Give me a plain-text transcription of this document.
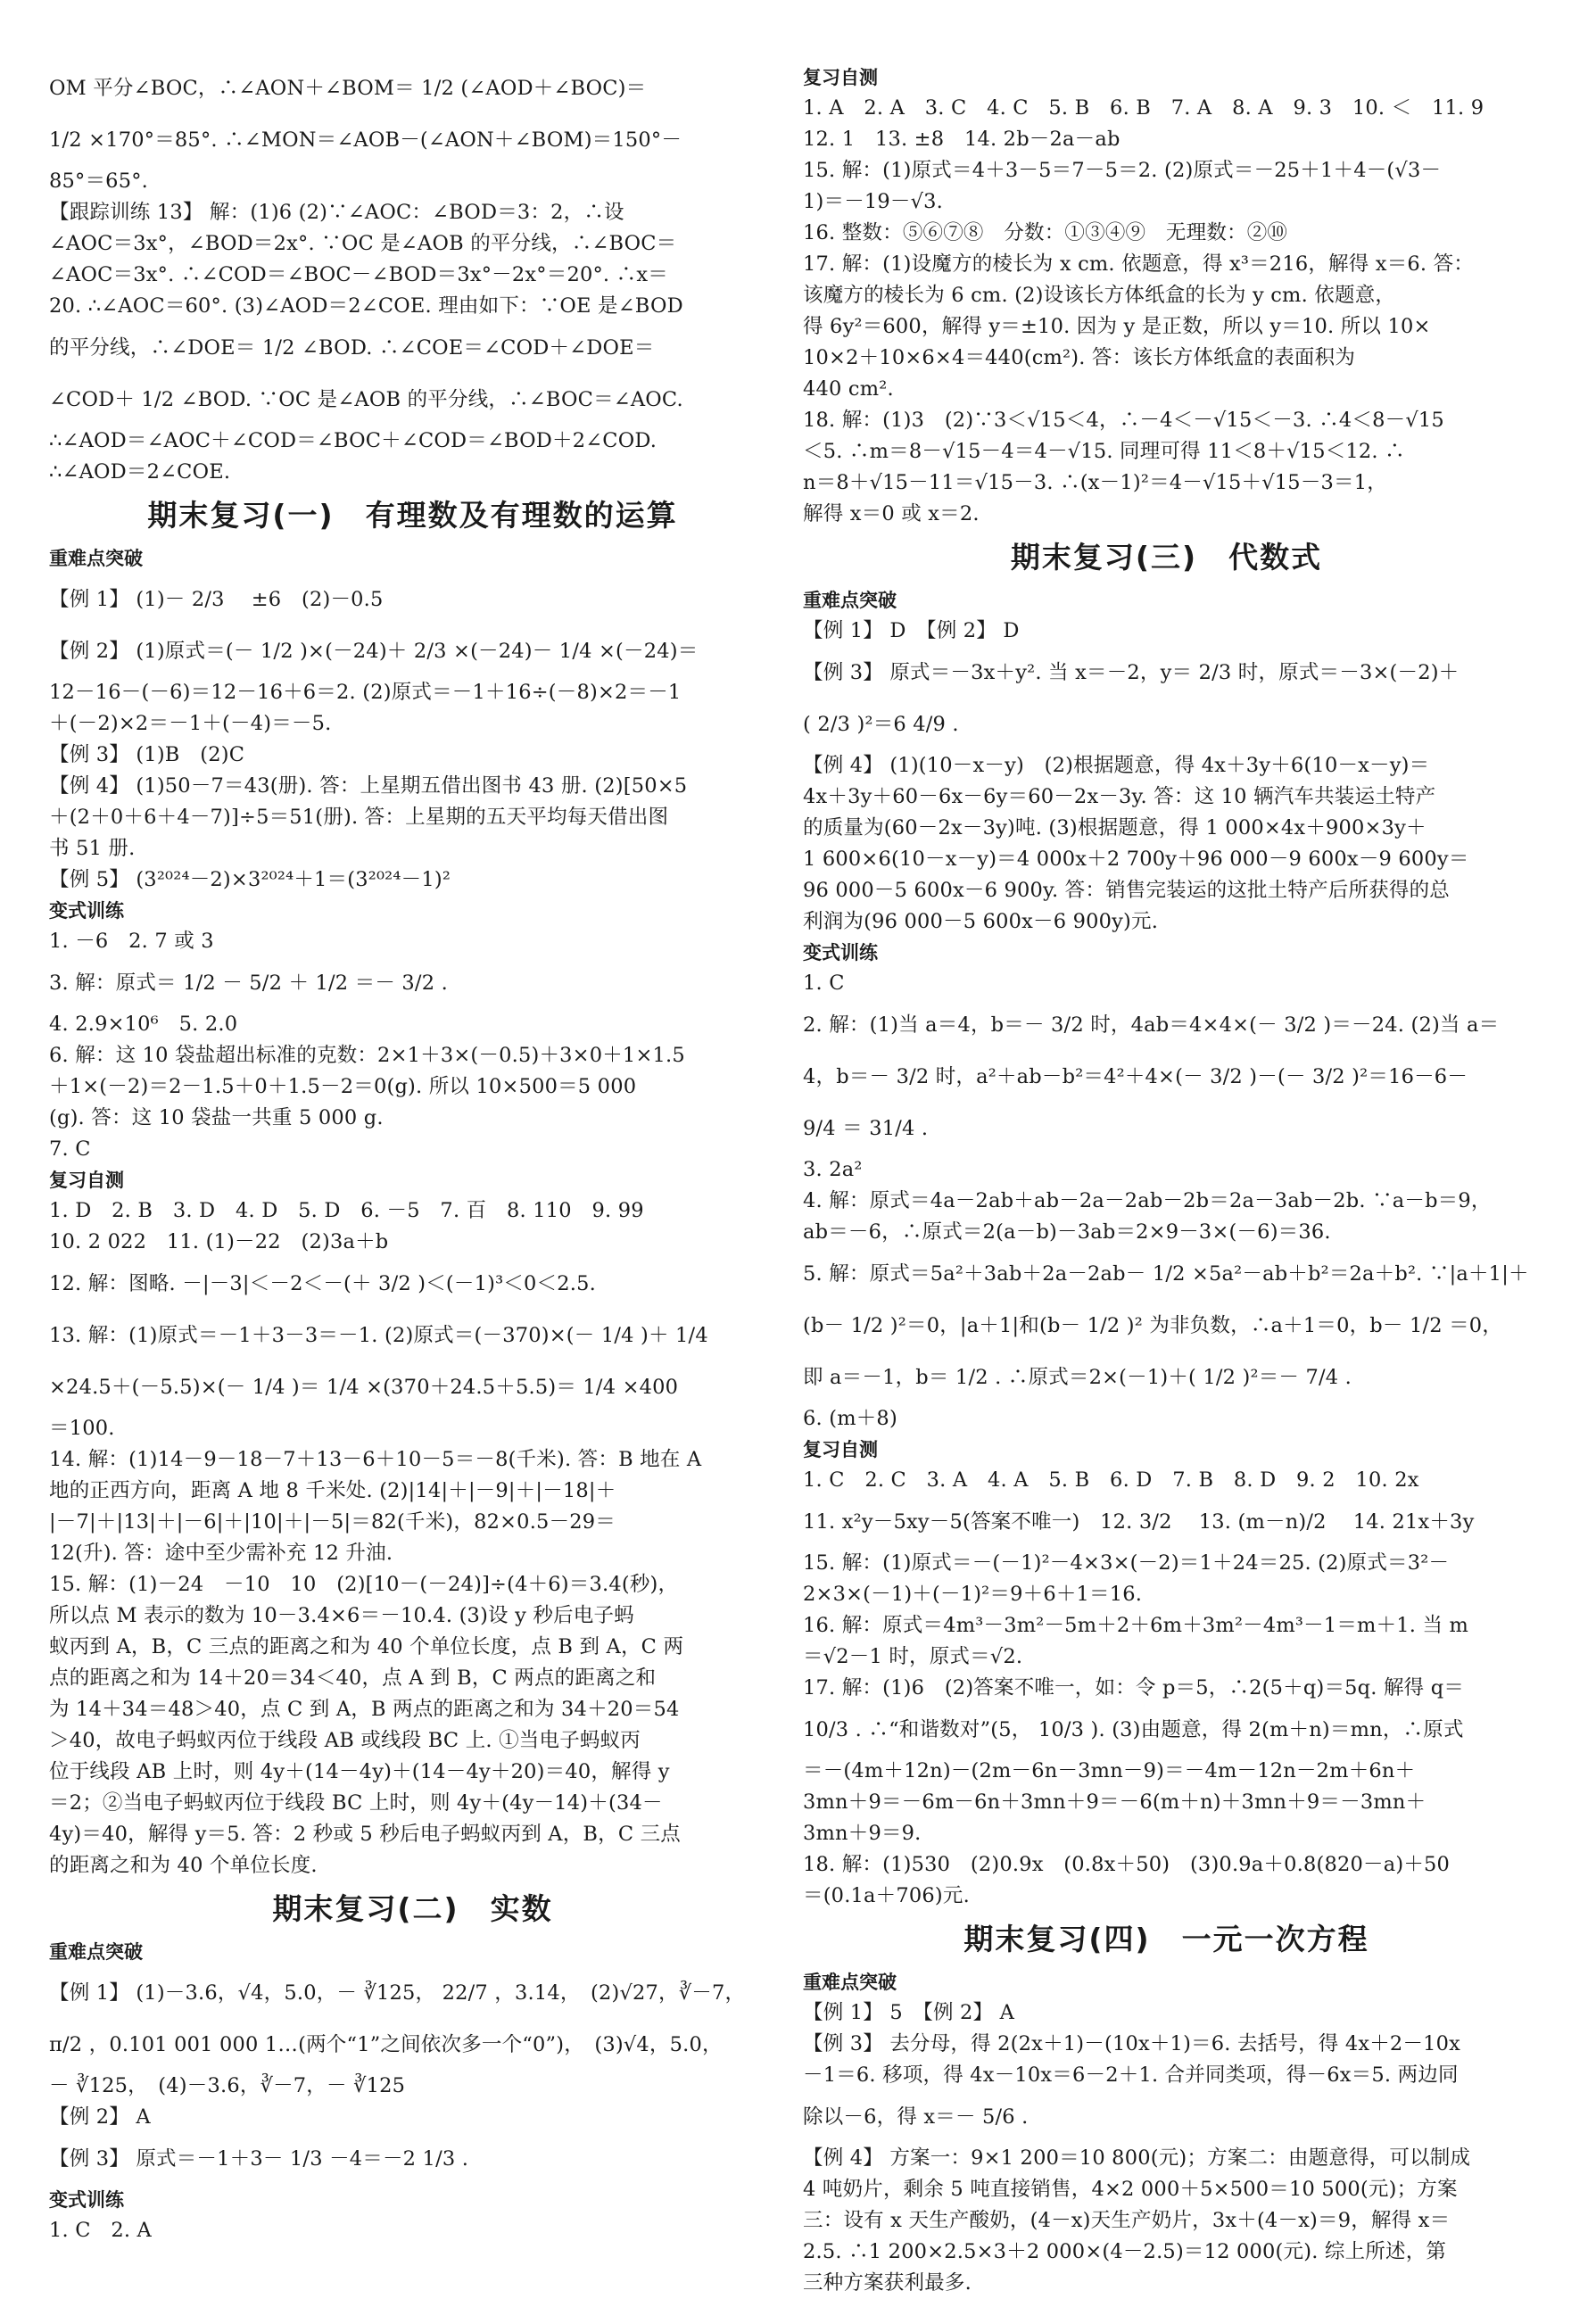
OM 平分∠BOC，∴∠AON＋∠BOM＝ 1/2 (∠AOD＋∠BOC)＝
1/2 ×170°＝85°. ∴∠MON＝∠AOB－(∠AON＋∠BOM)＝150°－
85°＝65°.
【跟踪训练 13】 解：(1)6 (2)∵∠AOC：∠BOD＝3：2，∴设
∠AOC＝3x°，∠BOD＝2x°. ∵OC 是∠AOB 的平分线，∴∠BOC＝
∠AOC＝3x°. ∴∠COD＝∠BOC－∠BOD＝3x°－2x°＝20°. ∴x＝
20. ∴∠AOC＝60°. (3)∠AOD＝2∠COE. 理由如下：∵OE 是∠BOD
的平分线，∴∠DOE＝ 1/2 ∠BOD. ∴∠COE＝∠COD＋∠DOE＝
∠COD＋ 1/2 ∠BOD. ∵OC 是∠AOB 的平分线，∴∠BOC＝∠AOC.
∴∠AOD＝∠AOC＋∠COD＝∠BOC＋∠COD＝∠BOD＋2∠COD.
∴∠AOD＝2∠COE.
期末复习(一)　有理数及有理数的运算
重难点突破
【例 1】 (1)－ 2/3 　±6　(2)－0.5
【例 2】 (1)原式＝(－ 1/2 )×(－24)＋ 2/3 ×(－24)－ 1/4 ×(－24)＝
12－16－(－6)＝12－16＋6＝2. (2)原式＝－1＋16÷(－8)×2＝－1
＋(－2)×2＝－1＋(－4)＝－5.
【例 3】 (1)B　(2)C
【例 4】 (1)50－7＝43(册). 答：上星期五借出图书 43 册. (2)[50×5
＋(2＋0＋6＋4－7)]÷5＝51(册). 答：上星期的五天平均每天借出图
书 51 册.
【例 5】 (3²⁰²⁴－2)×3²⁰²⁴＋1＝(3²⁰²⁴－1)²
变式训练
1. －6　2. 7 或 3
3. 解：原式＝ 1/2 － 5/2 ＋ 1/2 ＝－ 3/2 .
4. 2.9×10⁶　5. 2.0
6. 解：这 10 袋盐超出标准的克数：2×1＋3×(－0.5)＋3×0＋1×1.5
＋1×(－2)＝2－1.5＋0＋1.5－2＝0(g). 所以 10×500＝5 000
(g). 答：这 10 袋盐一共重 5 000 g.
7. C
复习自测
1. D　2. B　3. D　4. D　5. D　6. －5　7. 百　8. 110　9. 99
10. 2 022　11. (1)－22　(2)3a＋b
12. 解：图略. －|－3|＜－2＜－(＋ 3/2 )＜(－1)³＜0＜2.5.
13. 解：(1)原式＝－1＋3－3＝－1. (2)原式＝(－370)×(－ 1/4 )＋ 1/4
×24.5＋(－5.5)×(－ 1/4 )＝ 1/4 ×(370＋24.5＋5.5)＝ 1/4 ×400
＝100.
14. 解：(1)14－9－18－7＋13－6＋10－5＝－8(千米). 答：B 地在 A
地的正西方向，距离 A 地 8 千米处. (2)|14|＋|－9|＋|－18|＋
|－7|＋|13|＋|－6|＋|10|＋|－5|＝82(千米)，82×0.5－29＝
12(升). 答：途中至少需补充 12 升油.
15. 解：(1)－24　－10　10　(2)[10－(－24)]÷(4＋6)＝3.4(秒)，
所以点 M 表示的数为 10－3.4×6＝－10.4. (3)设 y 秒后电子蚂
蚁丙到 A，B，C 三点的距离之和为 40 个单位长度，点 B 到 A，C 两
点的距离之和为 14＋20＝34＜40，点 A 到 B，C 两点的距离之和
为 14＋34＝48＞40，点 C 到 A，B 两点的距离之和为 34＋20＝54
＞40，故电子蚂蚁丙位于线段 AB 或线段 BC 上. ①当电子蚂蚁丙
位于线段 AB 上时，则 4y＋(14－4y)＋(14－4y＋20)＝40，解得 y
＝2；②当电子蚂蚁丙位于线段 BC 上时，则 4y＋(4y－14)＋(34－
4y)＝40，解得 y＝5. 答：2 秒或 5 秒后电子蚂蚁丙到 A，B，C 三点
的距离之和为 40 个单位长度.
期末复习(二)　实数
重难点突破
【例 1】 (1)－3.6，√4，5.0，－ ∛125， 22/7 ，3.14，　(2)√27，∛－7，
π/2 ，0.101 001 000 1…(两个“1”之间依次多一个“0”)，　(3)√4，5.0，
－ ∛125，　(4)－3.6，∛－7，－ ∛125
【例 2】 A
【例 3】 原式＝－1＋3－ 1/3 －4＝－2 1/3 .
变式训练
1. C　2. A
复习自测
1. A　2. A　3. C　4. C　5. B　6. B　7. A　8. A　9. 3　10. ＜　11. 9
12. 1　13. ±8　14. 2b－2a－ab
15. 解：(1)原式＝4＋3－5＝7－5＝2. (2)原式＝－25＋1＋4－(√3－
1)＝－19－√3.
16. 整数：⑤⑥⑦⑧　分数：①③④⑨　无理数：②⑩
17. 解：(1)设魔方的棱长为 x cm. 依题意，得 x³＝216，解得 x＝6. 答：
该魔方的棱长为 6 cm. (2)设该长方体纸盒的长为 y cm. 依题意，
得 6y²＝600，解得 y＝±10. 因为 y 是正数，所以 y＝10. 所以 10×
10×2＋10×6×4＝440(cm²). 答：该长方体纸盒的表面积为
440 cm².
18. 解：(1)3　(2)∵3＜√15＜4，∴－4＜－√15＜－3. ∴4＜8－√15
＜5. ∴m＝8－√15－4＝4－√15. 同理可得 11＜8＋√15＜12. ∴
n＝8＋√15－11＝√15－3. ∴(x－1)²＝4－√15＋√15－3＝1，
解得 x＝0 或 x＝2.
期末复习(三)　代数式
重难点突破
【例 1】 D　【例 2】 D
【例 3】 原式＝－3x＋y². 当 x＝－2，y＝ 2/3 时，原式＝－3×(－2)＋
( 2/3 )²＝6 4/9 .
【例 4】 (1)(10－x－y)　(2)根据题意，得 4x＋3y＋6(10－x－y)＝
4x＋3y＋60－6x－6y＝60－2x－3y. 答：这 10 辆汽车共装运土特产
的质量为(60－2x－3y)吨. (3)根据题意，得 1 000×4x＋900×3y＋
1 600×6(10－x－y)＝4 000x＋2 700y＋96 000－9 600x－9 600y＝
96 000－5 600x－6 900y. 答：销售完装运的这批土特产后所获得的总
利润为(96 000－5 600x－6 900y)元.
变式训练
1. C
2. 解：(1)当 a＝4，b＝－ 3/2 时，4ab＝4×4×(－ 3/2 )＝－24. (2)当 a＝
4，b＝－ 3/2 时，a²＋ab－b²＝4²＋4×(－ 3/2 )－(－ 3/2 )²＝16－6－
9/4 ＝ 31/4 .
3. 2a²
4. 解：原式＝4a－2ab＋ab－2a－2ab－2b＝2a－3ab－2b. ∵a－b＝9，
ab＝－6，∴原式＝2(a－b)－3ab＝2×9－3×(－6)＝36.
5. 解：原式＝5a²＋3ab＋2a－2ab－ 1/2 ×5a²－ab＋b²＝2a＋b². ∵|a＋1|＋
(b－ 1/2 )²＝0，|a＋1|和(b－ 1/2 )² 为非负数，∴a＋1＝0，b－ 1/2 ＝0，
即 a＝－1，b＝ 1/2 . ∴原式＝2×(－1)＋( 1/2 )²＝－ 7/4 .
6. (m＋8)
复习自测
1. C　2. C　3. A　4. A　5. B　6. D　7. B　8. D　9. 2　10. 2x
11. x²y－5xy－5(答案不唯一)　12. 3/2 　13. (m－n)/2 　14. 21x＋3y
15. 解：(1)原式＝－(－1)²－4×3×(－2)＝1＋24＝25. (2)原式＝3²－
2×3×(－1)＋(－1)²＝9＋6＋1＝16.
16. 解：原式＝4m³－3m²－5m＋2＋6m＋3m²－4m³－1＝m＋1. 当 m
＝√2－1 时，原式＝√2.
17. 解：(1)6　(2)答案不唯一，如：令 p＝5，∴2(5＋q)＝5q. 解得 q＝
10/3 . ∴“和谐数对”(5， 10/3 ). (3)由题意，得 2(m＋n)＝mn，∴原式
＝－(4m＋12n)－(2m－6n－3mn－9)＝－4m－12n－2m＋6n＋
3mn＋9＝－6m－6n＋3mn＋9＝－6(m＋n)＋3mn＋9＝－3mn＋
3mn＋9＝9.
18. 解：(1)530　(2)0.9x　(0.8x＋50)　(3)0.9a＋0.8(820－a)＋50
＝(0.1a＋706)元.
期末复习(四)　一元一次方程
重难点突破
【例 1】 5　【例 2】 A
【例 3】 去分母，得 2(2x＋1)－(10x＋1)＝6. 去括号，得 4x＋2－10x
－1＝6. 移项，得 4x－10x＝6－2＋1. 合并同类项，得－6x＝5. 两边同
除以－6，得 x＝－ 5/6 .
【例 4】 方案一：9×1 200＝10 800(元)；方案二：由题意得，可以制成
4 吨奶片，剩余 5 吨直接销售，4×2 000＋5×500＝10 500(元)；方案
三：设有 x 天生产酸奶，(4－x)天生产奶片，3x＋(4－x)＝9，解得 x＝
2.5. ∴1 200×2.5×3＋2 000×(4－2.5)＝12 000(元). 综上所述，第
三种方案获利最多.
